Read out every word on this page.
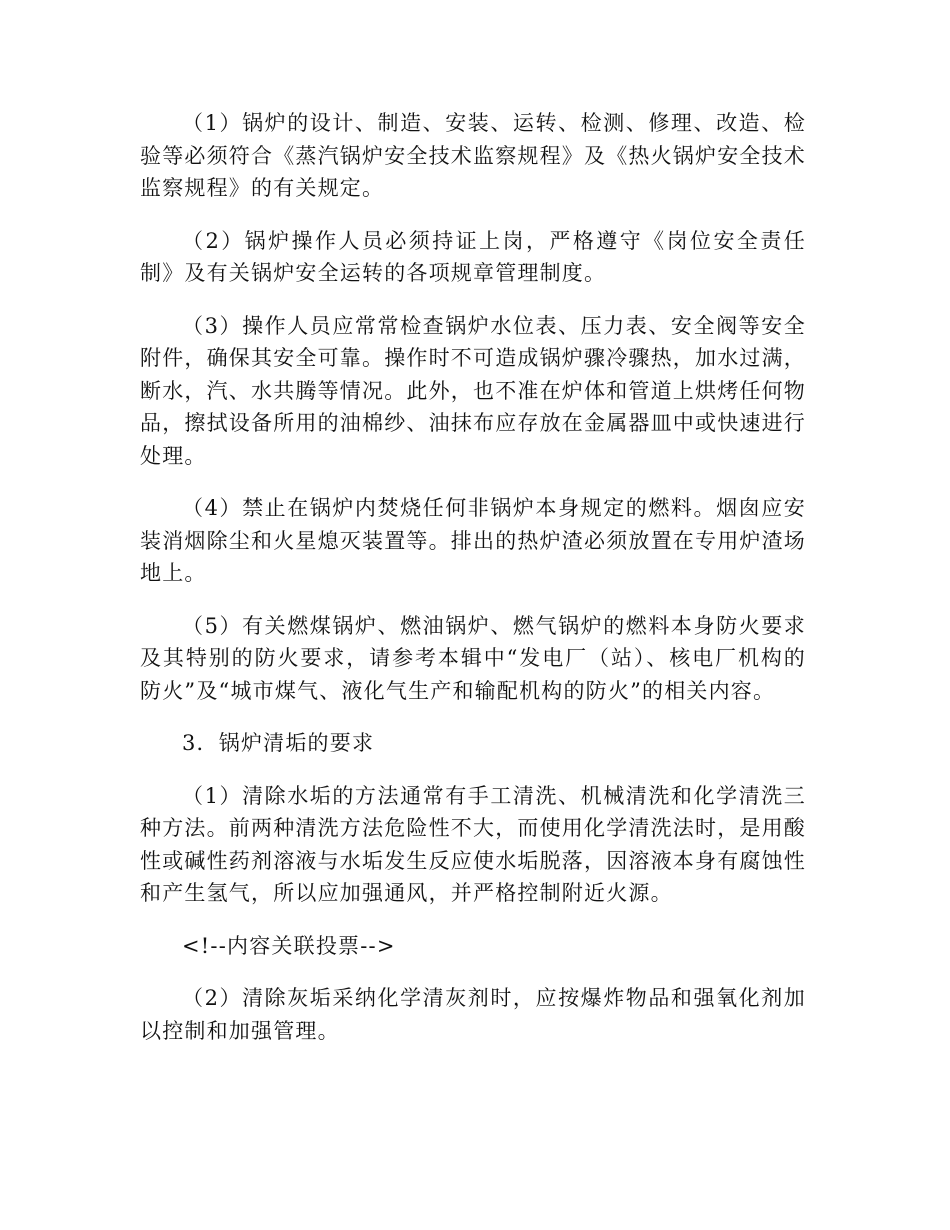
（1）锅炉的设计、制造、安装、运转、检测、修理、改造、检验等必须符合《蒸汽锅炉安全技术监察规程》及《热火锅炉安全技术监察规程》的有关规定。

（2）锅炉操作人员必须持证上岗，严格遵守《岗位安全责任制》及有关锅炉安全运转的各项规章管理制度。

（3）操作人员应常常检查锅炉水位表、压力表、安全阀等安全附件，确保其安全可靠。操作时不可造成锅炉骤冷骤热，加水过满，断水，汽、水共腾等情况。此外，也不准在炉体和管道上烘烤任何物品，擦拭设备所用的油棉纱、油抹布应存放在金属器皿中或快速进行处理。

（4）禁止在锅炉内焚烧任何非锅炉本身规定的燃料。烟囱应安装消烟除尘和火星熄灭装置等。排出的热炉渣必须放置在专用炉渣场地上。

（5）有关燃煤锅炉、燃油锅炉、燃气锅炉的燃料本身防火要求及其特别的防火要求，请参考本辑中“发电厂（站）、核电厂机构的防火”及“城市煤气、液化气生产和输配机构的防火”的相关内容。

3．锅炉清垢的要求

（1）清除水垢的方法通常有手工清洗、机械清洗和化学清洗三种方法。前两种清洗方法危险性不大，而使用化学清洗法时，是用酸性或碱性药剂溶液与水垢发生反应使水垢脱落，因溶液本身有腐蚀性和产生氢气，所以应加强通风，并严格控制附近火源。

<!--内容关联投票-->

（2）清除灰垢采纳化学清灰剂时，应按爆炸物品和强氧化剂加以控制和加强管理。
